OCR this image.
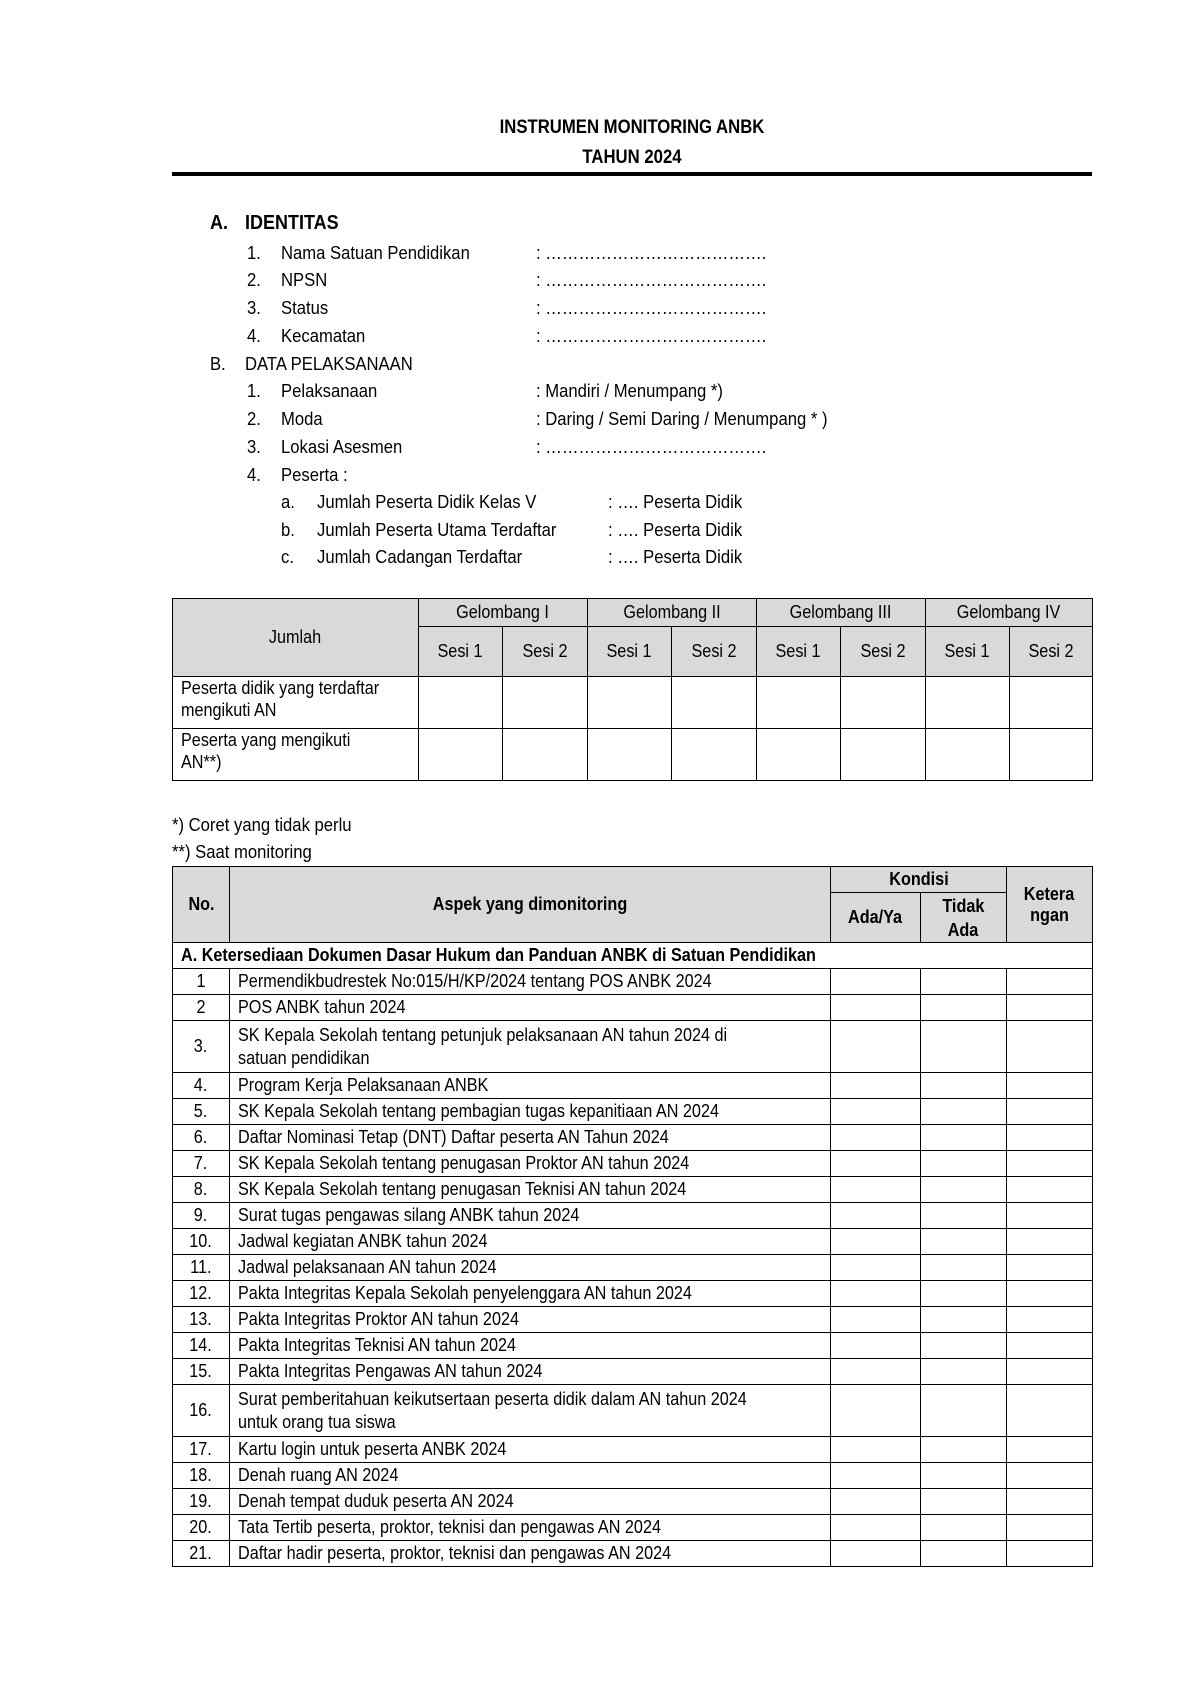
INSTRUMEN MONITORING ANBK
TAHUN 2024
A. IDENTITAS
1. Nama Satuan Pendidikan	: ………………………………….
2. NPSN	: ………………………………….
3. Status	: ………………………………….
4. Kecamatan	: ………………………………….
B. DATA PELAKSANAAN
1. Pelaksanaan	: Mandiri / Menumpang *)
2. Moda	: Daring / Semi Daring / Menumpang * )
3. Lokasi Asesmen	: ………………………………….
4. Peserta :
a. Jumlah Peserta Didik Kelas V	: …. Peserta Didik
b. Jumlah Peserta Utama Terdaftar	: …. Peserta Didik
c. Jumlah Cadangan Terdaftar	: …. Peserta Didik
Jumlah	Gelombang I		Gelombang II		Gelombang III		Gelombang IV	
	Sesi 1	Sesi 2	Sesi 1	Sesi 2	Sesi 1	Sesi 2	Sesi 1	Sesi 2
Peserta didik yang terdaftar
mengikuti AN								
Peserta yang mengikuti
AN**)								
*) Coret yang tidak perlu
**) Saat monitoring
No.	Aspek yang dimonitoring	Kondisi		Ketera
ngan
		Ada/Ya	Tidak
Ada	
A. Ketersediaan Dokumen Dasar Hukum dan Panduan ANBK di Satuan Pendidikan				
1	Permendikbudrestek No:015/H/KP/2024 tentang POS ANBK 2024			
2	POS ANBK tahun 2024			
3.	SK Kepala Sekolah tentang petunjuk pelaksanaan AN tahun 2024 di
satuan pendidikan			
4.	Program Kerja Pelaksanaan ANBK			
5.	SK Kepala Sekolah tentang pembagian tugas kepanitiaan AN 2024			
6.	Daftar Nominasi Tetap (DNT) Daftar peserta AN Tahun 2024			
7.	SK Kepala Sekolah tentang penugasan Proktor AN tahun 2024			
8.	SK Kepala Sekolah tentang penugasan Teknisi AN tahun 2024			
9.	Surat tugas pengawas silang ANBK tahun 2024			
10.	Jadwal kegiatan ANBK tahun 2024			
11.	Jadwal pelaksanaan AN tahun 2024			
12.	Pakta Integritas Kepala Sekolah penyelenggara AN tahun 2024			
13.	Pakta Integritas Proktor AN tahun 2024			
14.	Pakta Integritas Teknisi AN tahun 2024			
15.	Pakta Integritas Pengawas AN tahun 2024			
16.	Surat pemberitahuan keikutsertaan peserta didik dalam AN tahun 2024
untuk orang tua siswa			
17.	Kartu login untuk peserta ANBK 2024			
18.	Denah ruang AN 2024			
19.	Denah tempat duduk peserta AN 2024			
20.	Tata Tertib peserta, proktor, teknisi dan pengawas AN 2024			
21.	Daftar hadir peserta, proktor, teknisi dan pengawas AN 2024			
